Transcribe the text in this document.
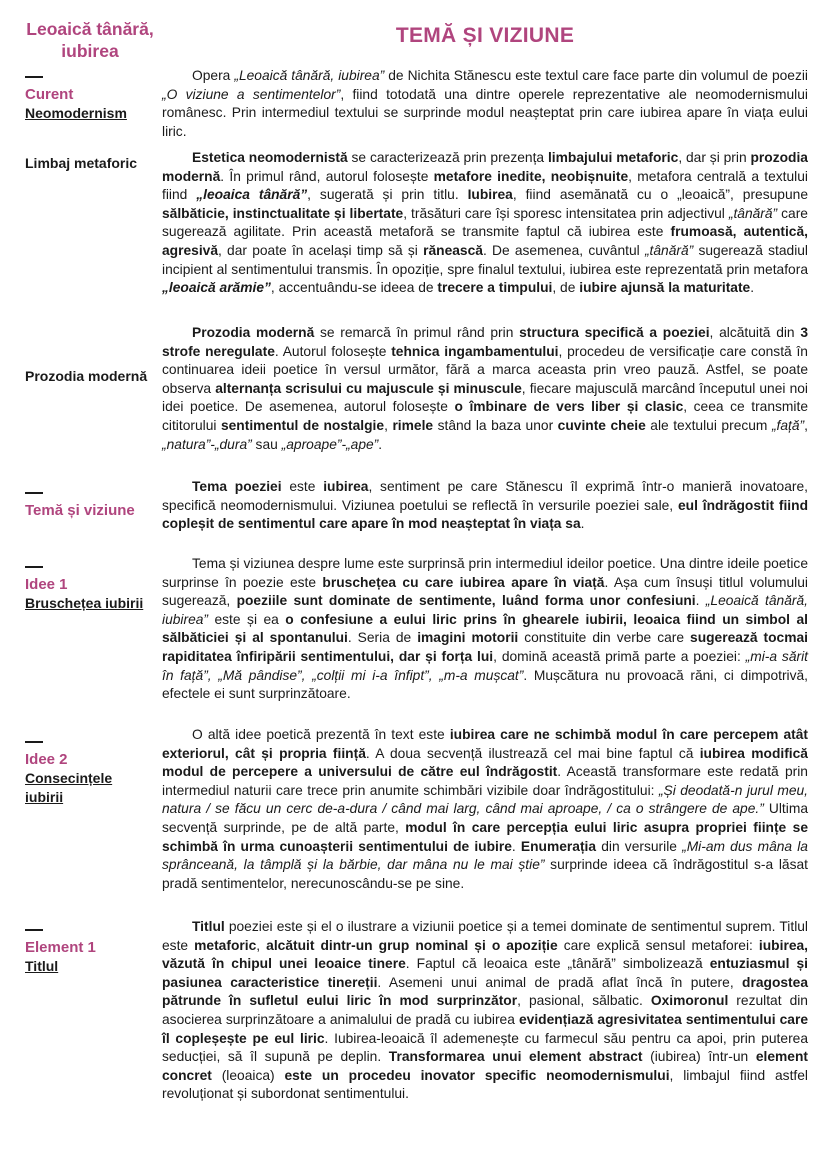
Leoaică tânără, iubirea
TEMĂ ȘI VIZIUNE
Curent
Neomodernism
Limbaj metaforic
Prozodia modernă
Temă și viziune
Idee 1
Bruschețea iubirii
Idee 2
Consecințele iubirii
Element 1
Titlul

Opera „Leoaică tânără, iubirea” de Nichita Stănescu este textul care face parte din volumul de poezii „O viziune a sentimentelor”, fiind totodată una dintre operele reprezentative ale neomodernismului românesc. Prin intermediul textului se surprinde modul neașteptat prin care iubirea apare în viața eului liric.

Estetica neomodernistă se caracterizează prin prezența limbajului metaforic, dar și prin prozodia modernă. În primul rând, autorul folosește metafore inedite, neobișnuite, metafora centrală a textului fiind „leoaica tânără”, sugerată și prin titlu. Iubirea, fiind asemănată cu o „leoaică”, presupune sălbăticie, instinctualitate și libertate, trăsături care își sporesc intensitatea prin adjectivul „tânără” care sugerează agilitate. Prin această metaforă se transmite faptul că iubirea este frumoasă, autentică, agresivă, dar poate în același timp să și rănească. De asemenea, cuvântul „tânără” sugerează stadiul incipient al sentimentului transmis. În opoziție, spre finalul textului, iubirea este reprezentată prin metafora „leoaică arămie”, accentuându-se ideea de trecere a timpului, de iubire ajunsă la maturitate.

Prozodia modernă se remarcă în primul rând prin structura specifică a poeziei, alcătuită din 3 strofe neregulate. Autorul folosește tehnica ingambamentului, procedeu de versificație care constă în continuarea ideii poetice în versul următor, fără a marca aceasta prin vreo pauză. Astfel, se poate observa alternanța scrisului cu majuscule și minuscule, fiecare majusculă marcând începutul unei noi idei poetice. De asemenea, autorul folosește o îmbinare de vers liber și clasic, ceea ce transmite cititorului sentimentul de nostalgie, rimele stând la baza unor cuvinte cheie ale textului precum „față”, „natura”-„dura” sau „aproape”-„ape”.

Tema poeziei este iubirea, sentiment pe care Stănescu îl exprimă într-o manieră inovatoare, specifică neomodernismului. Viziunea poetului se reflectă în versurile poeziei sale, eul îndrăgostit fiind copleșit de sentimentul care apare în mod neașteptat în viața sa.

Tema și viziunea despre lume este surprinsă prin intermediul ideilor poetice. Una dintre ideile poetice surprinse în poezie este bruschețea cu care iubirea apare în viață. Așa cum însuși titlul volumului sugerează, poeziile sunt dominate de sentimente, luând forma unor confesiuni. „Leoaică tânără, iubirea” este și ea o confesiune a eului liric prins în ghearele iubirii, leoaica fiind un simbol al sălbăticiei și al spontanului. Seria de imagini motorii constituite din verbe care sugerează tocmai rapiditatea înfiripării sentimentului, dar și forța lui, domină această primă parte a poeziei: „mi-a sărit în față”, „Mă pândise”, „colții mi i-a înfipt”, „m-a mușcat”. Mușcătura nu provoacă răni, ci dimpotrivă, efectele ei sunt surprinzătoare.

O altă idee poetică prezentă în text este iubirea care ne schimbă modul în care percepem atât exteriorul, cât și propria ființă. A doua secvență ilustrează cel mai bine faptul că iubirea modifică modul de percepere a universului de către eul îndrăgostit. Această transformare este redată prin intermediul naturii care trece prin anumite schimbări vizibile doar îndrăgostitului: „Și deodată-n jurul meu, natura / se făcu un cerc de-a-dura / când mai larg, când mai aproape, / ca o strângere de ape.” Ultima secvență surprinde, pe de altă parte, modul în care percepția eului liric asupra propriei ființe se schimbă în urma cunoașterii sentimentului de iubire. Enumerația din versurile „Mi-am dus mâna la sprânceană, la tâmplă și la bărbie, dar mâna nu le mai știe” surprinde ideea că îndrăgostitul s-a lăsat pradă sentimentelor, nerecunoscându-se pe sine.

Titlul poeziei este și el o ilustrare a viziunii poetice și a temei dominate de sentimentul suprem. Titlul este metaforic, alcătuit dintr-un grup nominal și o apoziție care explică sensul metaforei: iubirea, văzută în chipul unei leoaice tinere. Faptul că leoaica este „tânără” simbolizează entuziasmul și pasiunea caracteristice tinereții. Asemeni unui animal de pradă aflat încă în putere, dragostea pătrunde în sufletul eului liric în mod surprinzător, pasional, sălbatic. Oximoronul rezultat din asocierea surprinzătoare a animalului de pradă cu iubirea evidențiază agresivitatea sentimentului care îl copleșește pe eul liric. Iubirea-leoaică îl ademenește cu farmecul său pentru ca apoi, prin puterea seducției, să îl supună pe deplin. Transformarea unui element abstract (iubirea) într-un element concret (leoaica) este un procedeu inovator specific neomodernismului, limbajul fiind astfel revoluționat și subordonat sentimentului.
